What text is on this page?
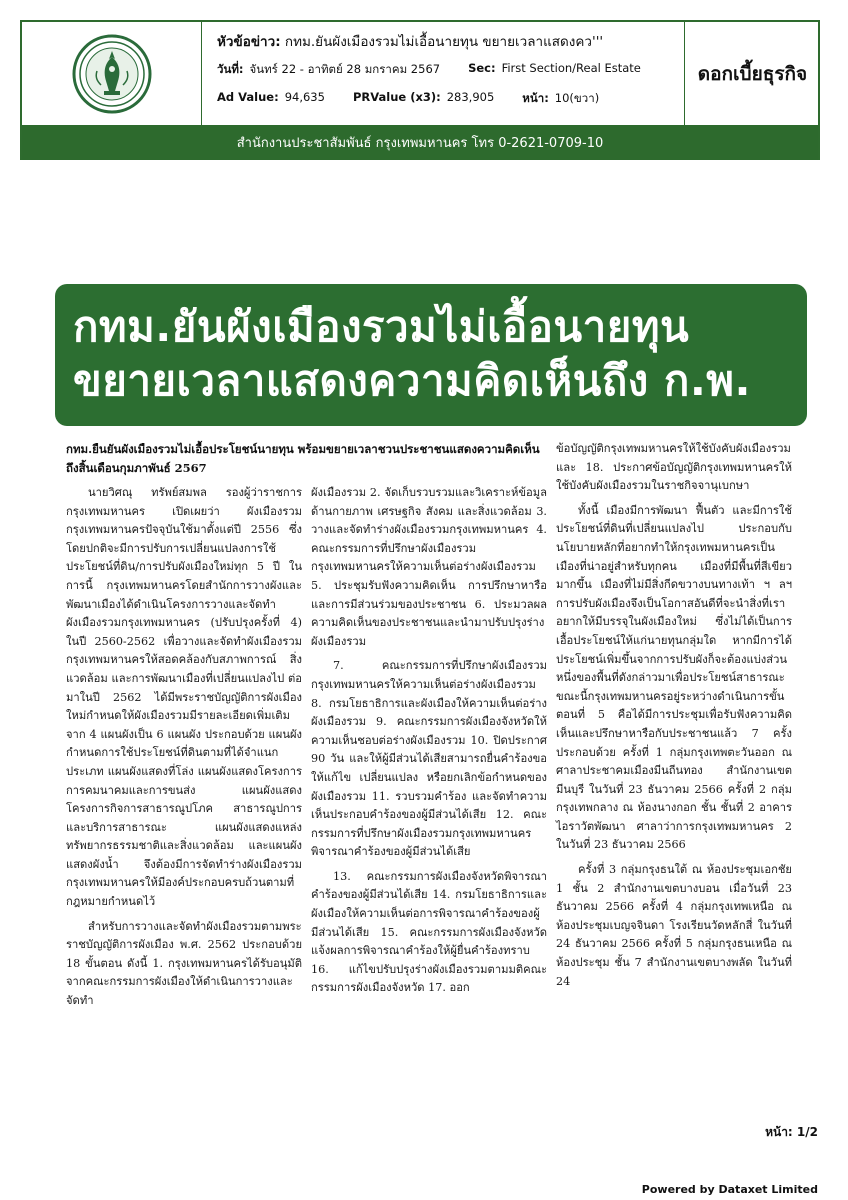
หัวข้อข่าว: กทม.ยันผังเมืองรวมไม่เอื้อนายทุน ขยายเวลาแสดงคว'''
วันที่: จันทร์ 22 - อาทิตย์ 28 มกราคม 2567 Sec: First Section/Real Estate
Ad Value: 94,635 PRValue (x3): 283,905 หน้า: 10(ขวา)
ดอกเบี้ยธุรกิจ
สำนักงานประชาสัมพันธ์ กรุงเทพมหานคร โทร 0-2621-0709-10
กทม.ยันผังเมืองรวมไม่เอื้อนายทุน
ขยายเวลาแสดงความคิดเห็นถึง ก.พ.
กทม.ยืนยันผังเมืองรวมไม่เอื้อประโยชน์นายทุน พร้อมขยายเวลาชวนประชาชนแสดงความคิดเห็นถึงสิ้นเดือนกุมภาพันธ์ 2567

นายวิศณุ ทรัพย์สมพล รองผู้ว่าราชการกรุงเทพมหานคร เปิดเผยว่า ผังเมืองรวมกรุงเทพมหานครปัจจุบันใช้มาตั้งแต่ปี 2556 ซึ่งโดยปกติจะมีการปรับการเปลี่ยนแปลงการใช้ประโยชน์ที่ดิน/การปรับผังเมืองใหม่ทุก 5 ปี ในการนี้ กรุงเทพมหานครโดยสำนักการวางผังและพัฒนาเมืองได้ดำเนินโครงการวางและจัดทำผังเมืองรวมกรุงเทพมหานคร (ปรับปรุงครั้งที่ 4) ในปี 2560-2562 เพื่อวางและจัดทำผังเมืองรวมกรุงเทพมหานครให้สอดคล้องกับสภาพการณ์ สิ่งแวดล้อม และการพัฒนาเมืองที่เปลี่ยนแปลงไป ต่อมาในปี 2562 ได้มีพระราชบัญญัติการผังเมืองใหม่กำหนดให้ผังเมืองรวมมีรายละเอียดเพิ่มเติม จาก 4 แผนผังเป็น 6 แผนผัง ประกอบด้วย แผนผังกำหนดการใช้ประโยชน์ที่ดินตามที่ได้จำแนกประเภท แผนผังแสดงที่โล่ง แผนผังแสดงโครงการการคมนาคมและการขนส่ง แผนผังแสดงโครงการกิจการสาธารณูปโภค สาธารณูปการ และบริการสาธารณะ แผนผังแสดงแหล่งทรัพยากรธรรมชาติและสิ่งแวดล้อม และแผนผังแสดงผังน้ำ จึงต้องมีการจัดทำร่างผังเมืองรวมกรุงเทพมหานครให้มีองค์ประกอบครบถ้วนตามที่กฎหมายกำหนดไว้

สำหรับการวางและจัดทำผังเมืองรวมตามพระราชบัญญัติการผังเมือง พ.ศ. 2562 ประกอบด้วย 18 ขั้นตอน ดังนี้ 1. กรุงเทพมหานครได้รับอนุมัติจากคณะกรรมการผังเมืองให้ดำเนินการวางและจัดทำ

ผังเมืองรวม 2. จัดเก็บรวบรวมและวิเคราะห์ข้อมูลด้านกายภาพ เศรษฐกิจ สังคม และสิ่งแวดล้อม 3. วางและจัดทำร่างผังเมืองรวมกรุงเทพมหานคร 4. คณะกรรมการที่ปรึกษาผังเมืองรวมกรุงเทพมหานครให้ความเห็นต่อร่างผังเมืองรวม 5. ประชุมรับฟังความคิดเห็น การปรึกษาหารือ และการมีส่วนร่วมของประชาชน 6. ประมวลผลความคิดเห็นของประชาชนและนำมาปรับปรุงร่างผังเมืองรวม

7. คณะกรรมการที่ปรึกษาผังเมืองรวมกรุงเทพมหานครให้ความเห็นต่อร่างผังเมืองรวม 8. กรมโยธาธิการและผังเมืองให้ความเห็นต่อร่างผังเมืองรวม 9. คณะกรรมการผังเมืองจังหวัดให้ความเห็นชอบต่อร่างผังเมืองรวม 10. ปิดประกาศ 90 วัน และให้ผู้มีส่วนได้เสียสามารถยื่นคำร้องขอให้แก้ไข เปลี่ยนแปลง หรือยกเลิกข้อกำหนดของผังเมืองรวม 11. รวบรวมคำร้อง และจัดทำความเห็นประกอบคำร้องของผู้มีส่วนได้เสีย 12. คณะกรรมการที่ปรึกษาผังเมืองรวมกรุงเทพมหานครพิจารณาคำร้องของผู้มีส่วนได้เสีย

13. คณะกรรมการผังเมืองจังหวัดพิจารณาคำร้องของผู้มีส่วนได้เสีย 14. กรมโยธาธิการและผังเมืองให้ความเห็นต่อการพิจารณาคำร้องของผู้มีส่วนได้เสีย 15. คณะกรรมการผังเมืองจังหวัดแจ้งผลการพิจารณาคำร้องให้ผู้ยื่นคำร้องทราบ 16. แก้ไขปรับปรุงร่างผังเมืองรวมตามมติคณะกรรมการผังเมืองจังหวัด 17. ออก

ข้อบัญญัติกรุงเทพมหานครให้ใช้บังคับผังเมืองรวมและ 18. ประกาศข้อบัญญัติกรุงเทพมหานครให้ใช้บังคับผังเมืองรวมในราชกิจจานุเบกษา

ทั้งนี้ เมืองมีการพัฒนา ฟื้นตัว และมีการใช้ประโยชน์ที่ดินที่เปลี่ยนแปลงไป ประกอบกับนโยบายหลักที่อยากทำให้กรุงเทพมหานครเป็นเมืองที่น่าอยู่สำหรับทุกคน เมืองที่มีพื้นที่สีเขียวมากขึ้น เมืองที่ไม่มีสิ่งกีดขวางบนทางเท้า ฯ ลฯ การปรับผังเมืองจึงเป็นโอกาสอันดีที่จะนำสิ่งที่เราอยากให้มีบรรจุในผังเมืองใหม่ ซึ่งไม่ได้เป็นการเอื้อประโยชน์ให้แก่นายทุนกลุ่มใด หากมีการได้ประโยชน์เพิ่มขึ้นจากการปรับผังก็จะต้องแบ่งส่วนหนึ่งของพื้นที่ดังกล่าวมาเพื่อประโยชน์สาธารณะ ขณะนี้กรุงเทพมหานครอยู่ระหว่างดำเนินการขั้นตอนที่ 5 คือได้มีการประชุมเพื่อรับฟังความคิดเห็นและปรึกษาหารือกับประชาชนแล้ว 7 ครั้ง ประกอบด้วย ครั้งที่ 1 กลุ่มกรุงเทพตะวันออก ณ ศาลาประชาคมเมืองมีนถีนทอง สำนักงานเขตมีนบุรี ในวันที่ 23 ธันวาคม 2566 ครั้งที่ 2 กลุ่มกรุงเทพกลาง ณ ห้องนางกอก ชั้น ชั้นที่ 2 อาคารไอราวัตพัฒนา ศาลาว่าการกรุงเทพมหานคร 2 ในวันที่ 23 ธันวาคม 2566

ครั้งที่ 3 กลุ่มกรุงธนใต้ ณ ห้องประชุมเอกชัย 1 ชั้น 2 สำนักงานเขตบางบอน เมื่อวันที่ 23 ธันวาคม 2566 ครั้งที่ 4 กลุ่มกรุงเทพเหนือ ณ ห้องประชุมเบญจจินดา โรงเรียนวัดหลักสี่ ในวันที่ 24 ธันวาคม 2566 ครั้งที่ 5 กลุ่มกรุงธนเหนือ ณ ห้องประชุม ชั้น 7 สำนักงานเขตบางพลัด ในวันที่ 24

หน้า: 1/2
Powered by Dataxet Limited
